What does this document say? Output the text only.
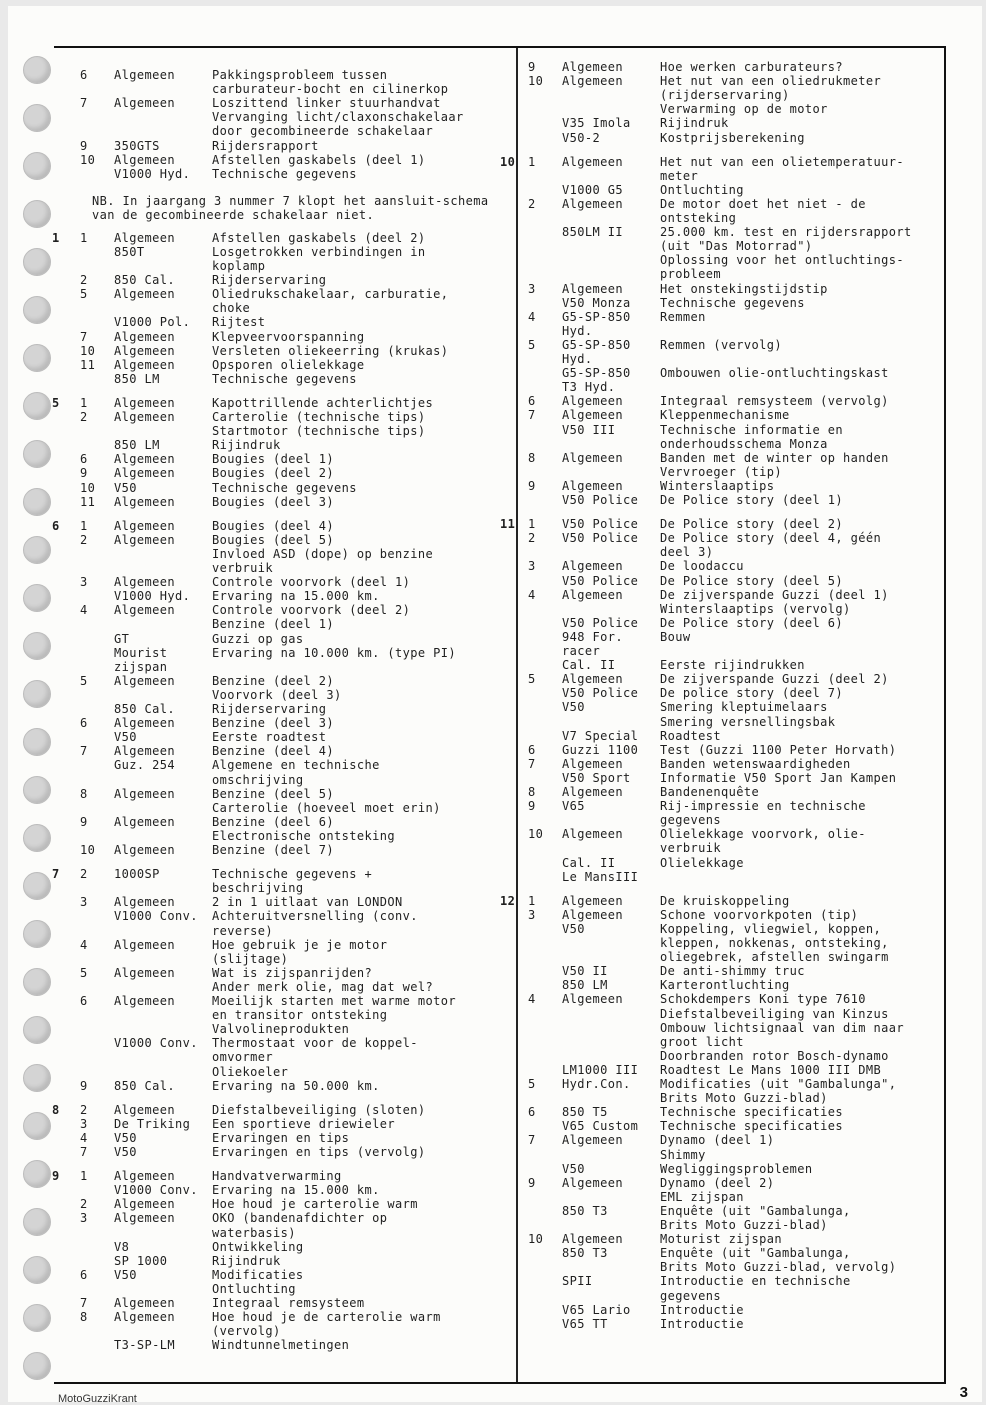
6	Algemeen	Pakkingsprobleem tussen
carburateur-bocht en cilinerkop
7	Algemeen	Loszittend linker stuurhandvat
Vervanging licht/claxonschakelaar
door gecombineerde schakelaar
9	350GTS	Rijdersrapport
10	Algemeen	Afstellen gaskabels (deel 1)
V1000 Hyd.	Technische gegevens
1	1	Algemeen	Afstellen gaskabels (deel 2)
850T	Losgetrokken verbindingen in
koplamp
2	850 Cal.	Rijderservaring
5	Algemeen	Oliedrukschakelaar, carburatie,
choke
V1000 Pol.	Rijtest
7	Algemeen	Klepveervoorspanning
10	Algemeen	Versleten oliekeerring (krukas)
11	Algemeen	Opsporen olielekkage
850 LM	Technische gegevens
5	1	Algemeen	Kapottrillende achterlichtjes
2	Algemeen	Carterolie (technische tips)
Startmotor (technische tips)
850 LM	Rijindruk
6	Algemeen	Bougies (deel 1)
9	Algemeen	Bougies (deel 2)
10	V50	Technische gegevens
11	Algemeen	Bougies (deel 3)
6	1	Algemeen	Bougies (deel 4)
2	Algemeen	Bougies (deel 5)
Invloed ASD (dope) op benzine
verbruik
3	Algemeen	Controle voorvork (deel 1)
V1000 Hyd.	Ervaring na 15.000 km.
4	Algemeen	Controle voorvork (deel 2)
Benzine (deel 1)
GT	Guzzi op gas
Mourist	Ervaring na 10.000 km. (type PI)
zijspan
5	Algemeen	Benzine (deel 2)
Voorvork (deel 3)
850 Cal.	Rijderservaring
6	Algemeen	Benzine (deel 3)
V50	Eerste roadtest
7	Algemeen	Benzine (deel 4)
Guz. 254	Algemene en technische
omschrijving
8	Algemeen	Benzine (deel 5)
Carterolie (hoeveel moet erin)
9	Algemeen	Benzine (deel 6)
Electronische ontsteking
10	Algemeen	Benzine (deel 7)
7	2	1000SP	Technische gegevens +
beschrijving
3	Algemeen	2 in 1 uitlaat van LONDON
V1000 Conv.	Achteruitversnelling (conv.
reverse)
4	Algemeen	Hoe gebruik je je motor
(slijtage)
5	Algemeen	Wat is zijspanrijden?
Ander merk olie, mag dat wel?
6	Algemeen	Moeilijk starten met warme motor
en transitor ontsteking
Valvolineprodukten
V1000 Conv.	Thermostaat voor de koppel-
omvormer
Oliekoeler
9	850 Cal.	Ervaring na 50.000 km.
8	2	Algemeen	Diefstalbeveiliging (sloten)
3	De Triking	Een sportieve driewieler
4	V50	Ervaringen en tips
7	V50	Ervaringen en tips (vervolg)
9	1	Algemeen	Handvatverwarming
V1000 Conv.	Ervaring na 15.000 km.
2	Algemeen	Hoe houd je carterolie warm
3	Algemeen	OKO (bandenafdichter op
waterbasis)
V8	Ontwikkeling
SP 1000	Rijindruk
6	V50	Modificaties
Ontluchting
7	Algemeen	Integraal remsysteem
8	Algemeen	Hoe houd je de carterolie warm
(vervolg)
T3-SP-LM	Windtunnelmetingen
9	Algemeen	Hoe werken carburateurs?
10	Algemeen	Het nut van een oliedrukmeter
(rijderservaring)
Verwarming op de motor
V35 Imola	Rijindruk
V50-2	Kostprijsberekening
10	1	Algemeen	Het nut van een olietemperatuur-
meter
V1000 G5	Ontluchting
2	Algemeen	De motor doet het niet - de
ontsteking
850LM II	25.000 km. test en rijdersrapport
(uit "Das Motorrad")
Oplossing voor het ontluchtings-
probleem
3	Algemeen	Het onstekingstijdstip
V50 Monza	Technische gegevens
4	G5-SP-850	Remmen
Hyd.
5	G5-SP-850	Remmen (vervolg)
Hyd.
G5-SP-850	Ombouwen olie-ontluchtingskast
T3 Hyd.
6	Algemeen	Integraal remsysteem (vervolg)
7	Algemeen	Kleppenmechanisme
V50 III	Technische informatie en
onderhoudsschema Monza
8	Algemeen	Banden met de winter op handen
Vervroeger (tip)
9	Algemeen	Winterslaaptips
V50 Police	De Police story (deel 1)
11	1	V50 Police	De Police story (deel 2)
2	V50 Police	De Police story (deel 4, géén
deel 3)
3	Algemeen	De loodaccu
V50 Police	De Police story (deel 5)
4	Algemeen	De zijverspande Guzzi (deel 1)
Winterslaaptips (vervolg)
V50 Police	De Police story (deel 6)
948 For.	Bouw
racer
Cal. II	Eerste rijindrukken
5	Algemeen	De zijverspande Guzzi (deel 2)
V50 Police	De police story (deel 7)
V50	Smering kleptuimelaars
Smering versnellingsbak
V7 Special	Roadtest
6	Guzzi 1100	Test (Guzzi 1100 Peter Horvath)
7	Algemeen	Banden wetenswaardigheden
V50 Sport	Informatie V50 Sport Jan Kampen
8	Algemeen	Bandenenquête
9	V65	Rij-impressie en technische
gegevens
10	Algemeen	Olielekkage voorvork, olie-
verbruik
Cal. II	Olielekkage
Le MansIII
12	1	Algemeen	De kruiskoppeling
3	Algemeen	Schone voorvorkpoten (tip)
V50	Koppeling, vliegwiel, koppen,
kleppen, nokkenas, ontsteking,
oliegebrek, afstellen swingarm
V50 II	De anti-shimmy truc
850 LM	Karterontluchting
4	Algemeen	Schokdempers Koni type 7610
Diefstalbeveiliging van Kinzus
Ombouw lichtsignaal van dim naar
groot licht
Doorbranden rotor Bosch-dynamo
LM1000 III	Roadtest Le Mans 1000 III DMB
5	Hydr.Con.	Modificaties (uit "Gambalunga",
Brits Moto Guzzi-blad)
6	850 T5	Technische specificaties
V65 Custom	Technische specificaties
7	Algemeen	Dynamo (deel 1)
Shimmy
V50	Wegliggingsproblemen
9	Algemeen	Dynamo (deel 2)
EML zijspan
850 T3	Enquête (uit "Gambalunga,
Brits Moto Guzzi-blad)
10	Algemeen	Moturist zijspan
850 T3	Enquête (uit "Gambalunga,
Brits Moto Guzzi-blad, vervolg)
SPII	Introductie en technische
gegevens
V65 Lario	Introductie
V65 TT	Introductie
NB. In jaargang 3 nummer 7 klopt het aansluit-schema van de gecombineerde schakelaar niet.
MotoGuzziKrant	3
